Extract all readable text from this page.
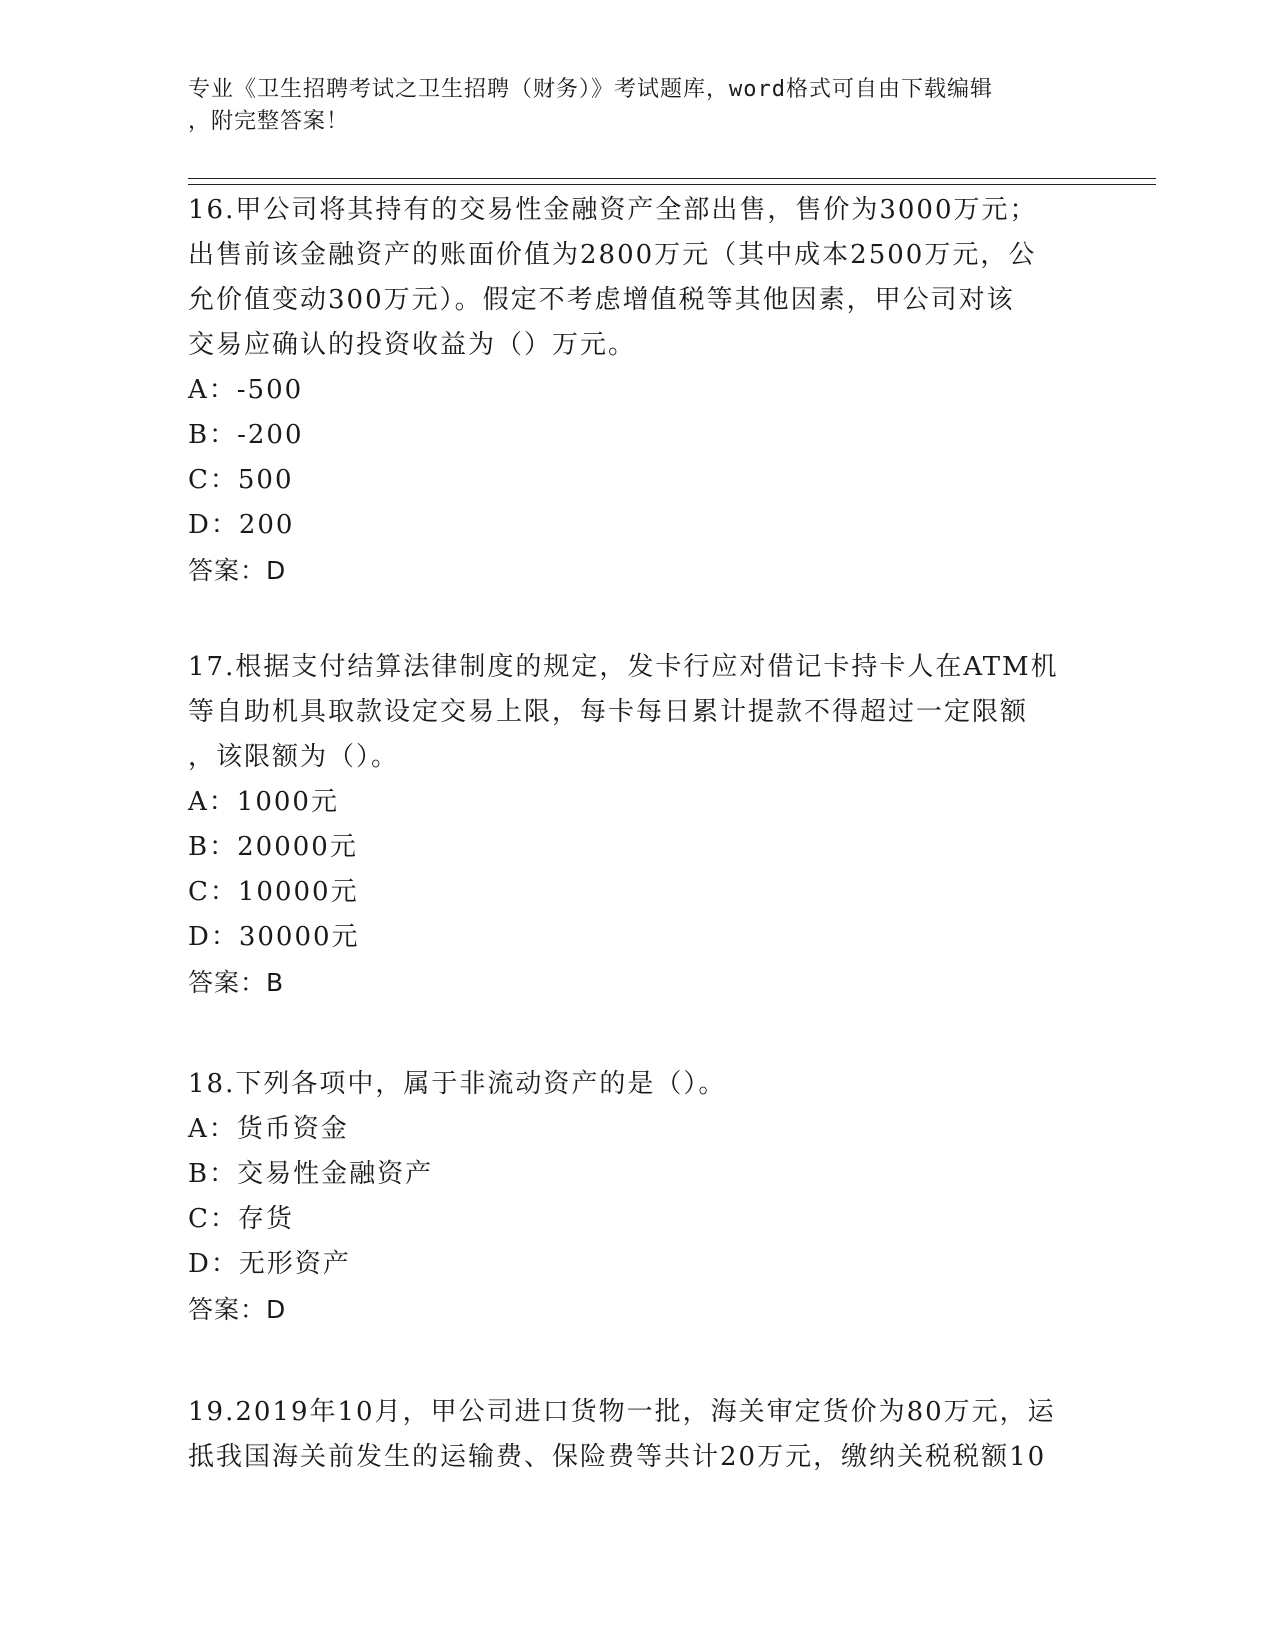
专业《卫生招聘考试之卫生招聘（财务）》考试题库，word格式可自由下载编辑
，附完整答案！
16.甲公司将其持有的交易性金融资产全部出售，售价为3000万元；
出售前该金融资产的账面价值为2800万元（其中成本2500万元，公
允价值变动300万元）。假定不考虑增值税等其他因素，甲公司对该
交易应确认的投资收益为（）万元。
A：-500
B：-200
C：500
D：200
答案：D
17.根据支付结算法律制度的规定，发卡行应对借记卡持卡人在ATM机
等自助机具取款设定交易上限，每卡每日累计提款不得超过一定限额
，该限额为（）。
A：1000元
B：20000元
C：10000元
D：30000元
答案：B
18.下列各项中，属于非流动资产的是（）。
A：货币资金
B：交易性金融资产
C：存货
D：无形资产
答案：D
19.2019年10月，甲公司进口货物一批，海关审定货价为80万元，运
抵我国海关前发生的运输费、保险费等共计20万元，缴纳关税税额10
